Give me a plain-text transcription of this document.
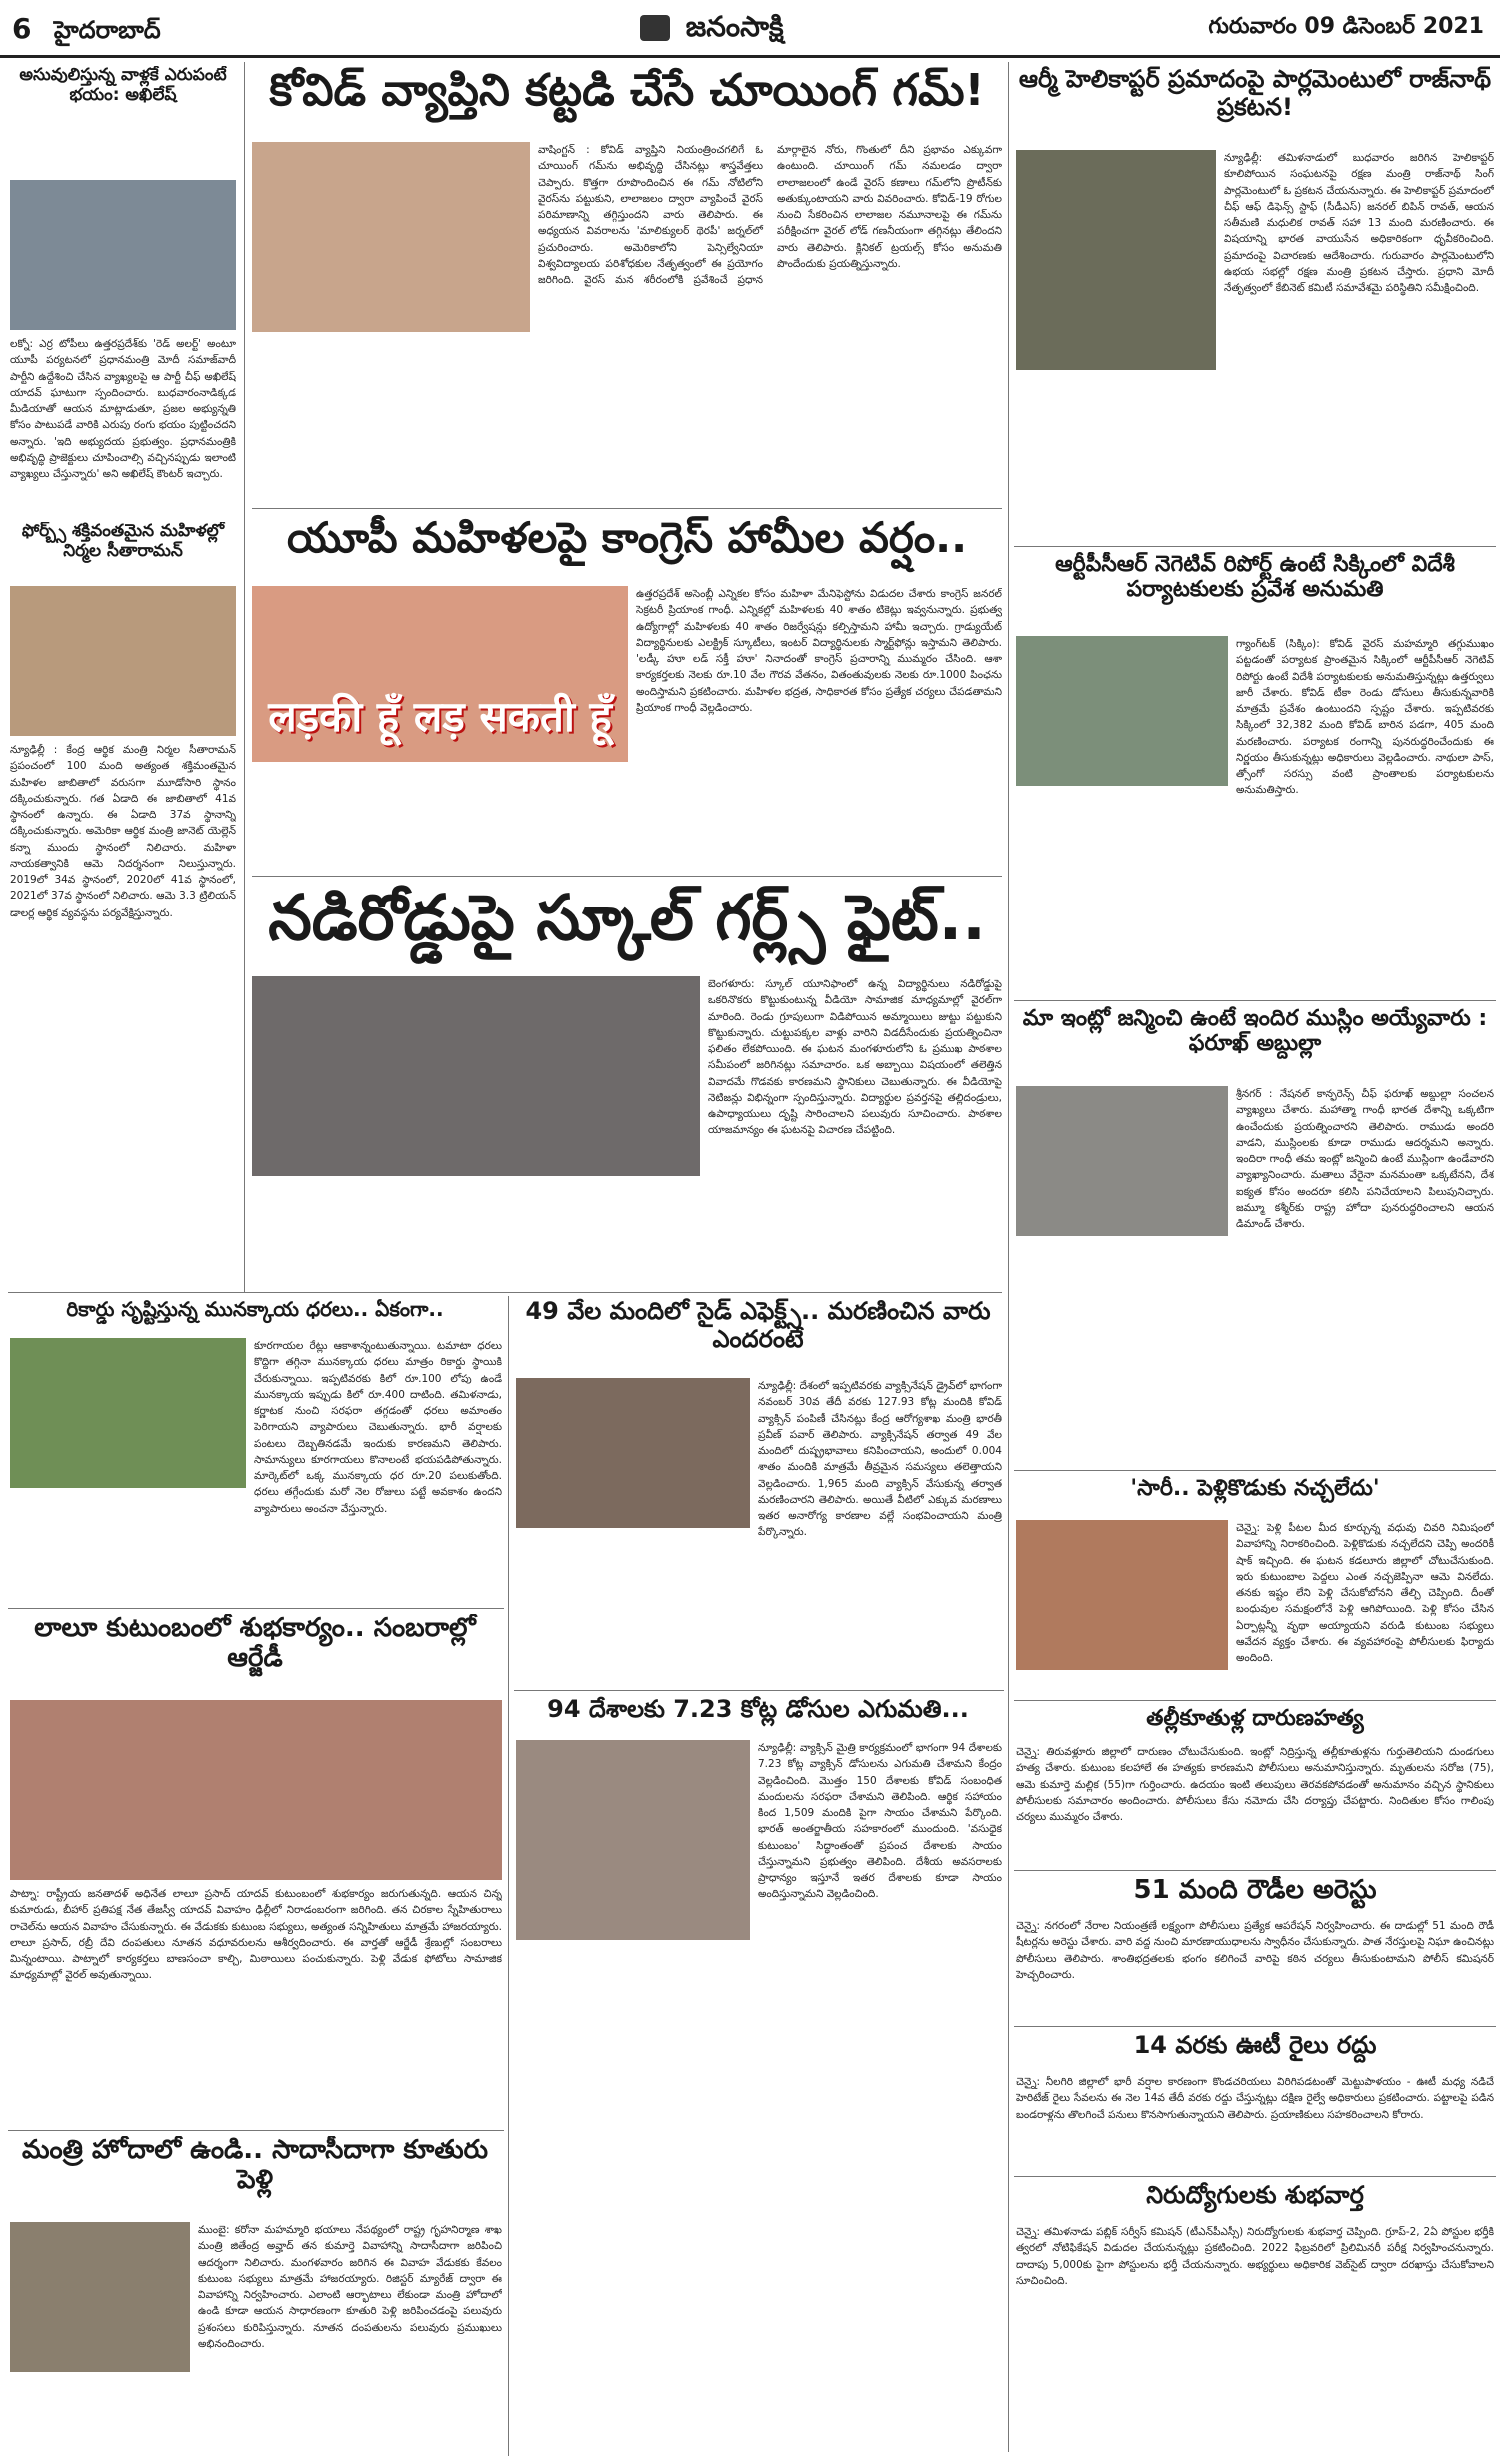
6 హైదరాబాద్	జనంసాక్షి	గురువారం 09 డిసెంబర్ 2021
అసువులిస్తున్న వాళ్లకే ఎరుపంటే భయం: అఖిలేష్
లక్నో: ఎర్ర టోపీలు ఉత్తరప్రదేశ్‌కు 'రెడ్ అలర్ట్' అంటూ యూపీ పర్యటనలో ప్రధానమంత్రి మోదీ సమాజ్‌వాదీ పార్టీని ఉద్దేశించి చేసిన వ్యాఖ్యలపై ఆ పార్టీ చీఫ్ అఖిలేష్ యాదవ్ ఘాటుగా స్పందించారు. బుధవారంనాడిక్కడ మీడియాతో ఆయన మాట్లాడుతూ, ప్రజల అభ్యున్నతి కోసం పాటుపడే వారికి ఎరుపు రంగు భయం పుట్టించదని అన్నారు. 'ఇది అభ్యుదయ ప్రభుత్వం. ప్రధానమంత్రికి అభివృద్ధి ప్రాజెక్టులు చూపించాల్సి వచ్చినప్పుడు ఇలాంటి వ్యాఖ్యలు చేస్తున్నారు' అని అఖిలేష్ కౌంటర్ ఇచ్చారు.
ఫోర్బ్స్ శక్తివంతమైన మహిళల్లో నిర్మల సీతారామన్
న్యూఢిల్లీ : కేంద్ర ఆర్థిక మంత్రి నిర్మల సీతారామన్ ప్రపంచంలో 100 మంది అత్యంత శక్తిమంతమైన మహిళల జాబితాలో వరుసగా మూడోసారి స్థానం దక్కించుకున్నారు. గత ఏడాది ఈ జాబితాలో 41వ స్థానంలో ఉన్నారు. ఈ ఏడాది 37వ స్థానాన్ని దక్కించుకున్నారు. అమెరికా ఆర్థిక మంత్రి జానెట్ యెల్లెన్ కన్నా ముందు స్థానంలో నిలిచారు. మహిళా నాయకత్వానికి ఆమె నిదర్శనంగా నిలుస్తున్నారు. 2019లో 34వ స్థానంలో, 2020లో 41వ స్థానంలో, 2021లో 37వ స్థానంలో నిలిచారు. ఆమె 3.3 ట్రిలియన్ డాలర్ల ఆర్థిక వ్యవస్థను పర్యవేక్షిస్తున్నారు.
కోవిడ్ వ్యాప్తిని కట్టడి చేసే చూయింగ్ గమ్!
వాషింగ్టన్ : కోవిడ్ వ్యాప్తిని నియంత్రించగలిగే ఓ చూయింగ్ గమ్‌ను అభివృద్ధి చేసినట్లు శాస్త్రవేత్తలు చెప్పారు. కొత్తగా రూపొందించిన ఈ గమ్ నోటిలోని వైరస్‌ను పట్టుకుని, లాలాజలం ద్వారా వ్యాపించే వైరస్ పరిమాణాన్ని తగ్గిస్తుందని వారు తెలిపారు. ఈ అధ్యయన వివరాలను 'మాలిక్యులర్ థెరపీ' జర్నల్‌లో ప్రచురించారు. అమెరికాలోని పెన్సిల్వేనియా విశ్వవిద్యాలయ పరిశోధకుల నేతృత్వంలో ఈ ప్రయోగం జరిగింది. వైరస్ మన శరీరంలోకి ప్రవేశించే ప్రధాన మార్గాలైన నోరు, గొంతులో దీని ప్రభావం ఎక్కువగా ఉంటుంది. చూయింగ్ గమ్ నమలడం ద్వారా లాలాజలంలో ఉండే వైరస్ కణాలు గమ్‌లోని ప్రొటీన్‌కు అతుక్కుంటాయని వారు వివరించారు. కోవిడ్-19 రోగుల నుంచి సేకరించిన లాలాజల నమూనాలపై ఈ గమ్‌ను పరీక్షించగా వైరల్ లోడ్ గణనీయంగా తగ్గినట్లు తేలిందని వారు తెలిపారు. క్లినికల్ ట్రయల్స్ కోసం అనుమతి పొందేందుకు ప్రయత్నిస్తున్నారు.
యూపీ మహిళలపై కాంగ్రెస్ హామీల వర్షం..
लड़की हूँ लड़ सकती हूँ
ఉత్తరప్రదేశ్ అసెంబ్లీ ఎన్నికల కోసం మహిళా మేనిఫెస్టోను విడుదల చేశారు కాంగ్రెస్ జనరల్ సెక్రటరీ ప్రియాంక గాంధీ. ఎన్నికల్లో మహిళలకు 40 శాతం టికెట్లు ఇవ్వనున్నారు. ప్రభుత్వ ఉద్యోగాల్లో మహిళలకు 40 శాతం రిజర్వేషన్లు కల్పిస్తామని హామీ ఇచ్చారు. గ్రాడ్యుయేట్ విద్యార్థినులకు ఎలక్ట్రిక్ స్కూటీలు, ఇంటర్ విద్యార్థినులకు స్మార్ట్‌ఫోన్లు ఇస్తామని తెలిపారు. 'లడ్కీ హూ లడ్ సక్తీ హూ' నినాదంతో కాంగ్రెస్ ప్రచారాన్ని ముమ్మరం చేసింది. ఆశా కార్యకర్తలకు నెలకు రూ.10 వేల గౌరవ వేతనం, వితంతువులకు నెలకు రూ.1000 పింఛను అందిస్తామని ప్రకటించారు. మహిళల భద్రత, సాధికారత కోసం ప్రత్యేక చర్యలు చేపడతామని ప్రియాంక గాంధీ వెల్లడించారు.
నడిరోడ్డుపై స్కూల్ గర్ల్స్ ఫైట్..
బెంగళూరు: స్కూల్ యూనిఫాంలో ఉన్న విద్యార్థినులు నడిరోడ్డుపై ఒకరినొకరు కొట్టుకుంటున్న వీడియో సామాజిక మాధ్యమాల్లో వైరల్‌గా మారింది. రెండు గ్రూపులుగా విడిపోయిన అమ్మాయిలు జుట్టు పట్టుకుని కొట్టుకున్నారు. చుట్టుపక్కల వాళ్లు వారిని విడదీసేందుకు ప్రయత్నించినా ఫలితం లేకపోయింది. ఈ ఘటన మంగళూరులోని ఓ ప్రముఖ పాఠశాల సమీపంలో జరిగినట్లు సమాచారం. ఒక అబ్బాయి విషయంలో తలెత్తిన వివాదమే గొడవకు కారణమని స్థానికులు చెబుతున్నారు. ఈ వీడియోపై నెటిజన్లు విభిన్నంగా స్పందిస్తున్నారు. విద్యార్థుల ప్రవర్తనపై తల్లిదండ్రులు, ఉపాధ్యాయులు దృష్టి సారించాలని పలువురు సూచించారు. పాఠశాల యాజమాన్యం ఈ ఘటనపై విచారణ చేపట్టింది.
రికార్డు సృష్టిస్తున్న మునక్కాయ ధరలు.. ఏకంగా..
కూరగాయల రేట్లు ఆకాశాన్నంటుతున్నాయి. టమాటా ధరలు కొద్దిగా తగ్గినా మునక్కాయ ధరలు మాత్రం రికార్డు స్థాయికి చేరుకున్నాయి. ఇప్పటివరకు కిలో రూ.100 లోపు ఉండే మునక్కాయ ఇప్పుడు కిలో రూ.400 దాటింది. తమిళనాడు, కర్ణాటక నుంచి సరఫరా తగ్గడంతో ధరలు అమాంతం పెరిగాయని వ్యాపారులు చెబుతున్నారు. భారీ వర్షాలకు పంటలు దెబ్బతినడమే ఇందుకు కారణమని తెలిపారు. సామాన్యులు కూరగాయలు కొనాలంటే భయపడిపోతున్నారు. మార్కెట్‌లో ఒక్క మునక్కాయ ధర రూ.20 పలుకుతోంది. ధరలు తగ్గేందుకు మరో నెల రోజులు పట్టే అవకాశం ఉందని వ్యాపారులు అంచనా వేస్తున్నారు.
లాలూ కుటుంబంలో శుభకార్యం.. సంబరాల్లో ఆర్జేడీ
పాట్నా: రాష్ట్రీయ జనతాదళ్ అధినేత లాలూ ప్రసాద్ యాదవ్ కుటుంబంలో శుభకార్యం జరుగుతున్నది. ఆయన చిన్న కుమారుడు, బీహార్ ప్రతిపక్ష నేత తేజస్వీ యాదవ్ వివాహం ఢిల్లీలో నిరాడంబరంగా జరిగింది. తన చిరకాల స్నేహితురాలు రాచెల్‌ను ఆయన వివాహం చేసుకున్నారు. ఈ వేడుకకు కుటుంబ సభ్యులు, అత్యంత సన్నిహితులు మాత్రమే హాజరయ్యారు. లాలూ ప్రసాద్, రబ్రీ దేవి దంపతులు నూతన వధూవరులను ఆశీర్వదించారు. ఈ వార్తతో ఆర్జేడీ శ్రేణుల్లో సంబరాలు మిన్నంటాయి. పాట్నాలో కార్యకర్తలు బాణసంచా కాల్చి, మిఠాయిలు పంచుకున్నారు. పెళ్లి వేడుక ఫోటోలు సామాజిక మాధ్యమాల్లో వైరల్ అవుతున్నాయి.
మంత్రి హోదాలో ఉండి.. సాదాసీదాగా కూతురు పెళ్లి
ముంబై: కరోనా మహమ్మారి భయాలు నేపథ్యంలో రాష్ట్ర గృహనిర్మాణ శాఖ మంత్రి జితేంద్ర అవ్హాద్ తన కుమార్తె వివాహాన్ని సాదాసీదాగా జరిపించి ఆదర్శంగా నిలిచారు. మంగళవారం జరిగిన ఈ వివాహ వేడుకకు కేవలం కుటుంబ సభ్యులు మాత్రమే హాజరయ్యారు. రిజిస్టర్ మ్యారేజ్ ద్వారా ఈ వివాహాన్ని నిర్వహించారు. ఎలాంటి ఆర్భాటాలు లేకుండా మంత్రి హోదాలో ఉండి కూడా ఆయన సాధారణంగా కూతురి పెళ్లి జరిపించడంపై పలువురు ప్రశంసలు కురిపిస్తున్నారు. నూతన దంపతులను పలువురు ప్రముఖులు అభినందించారు.
49 వేల మందిలో సైడ్ ఎఫెక్ట్స్.. మరణించిన వారు ఎందరంటే
న్యూఢిల్లీ: దేశంలో ఇప్పటివరకు వ్యాక్సినేషన్ డ్రైవ్‌లో భాగంగా నవంబర్ 30వ తేదీ వరకు 127.93 కోట్ల మందికి కోవిడ్ వ్యాక్సిన్ పంపిణీ చేసినట్లు కేంద్ర ఆరోగ్యశాఖ మంత్రి భారతీ ప్రవీణ్ పవార్ తెలిపారు. వ్యాక్సినేషన్ తర్వాత 49 వేల మందిలో దుష్ప్రభావాలు కనిపించాయని, అందులో 0.004 శాతం మందికి మాత్రమే తీవ్రమైన సమస్యలు తలెత్తాయని వెల్లడించారు. 1,965 మంది వ్యాక్సిన్ వేసుకున్న తర్వాత మరణించారని తెలిపారు. అయితే వీటిలో ఎక్కువ మరణాలు ఇతర అనారోగ్య కారణాల వల్లే సంభవించాయని మంత్రి పేర్కొన్నారు.
94 దేశాలకు 7.23 కోట్ల డోసుల ఎగుమతి...
న్యూఢిల్లీ: వ్యాక్సిన్ మైత్రి కార్యక్రమంలో భాగంగా 94 దేశాలకు 7.23 కోట్ల వ్యాక్సిన్ డోసులను ఎగుమతి చేశామని కేంద్రం వెల్లడించింది. మొత్తం 150 దేశాలకు కోవిడ్ సంబంధిత మందులను సరఫరా చేశామని తెలిపింది. ఆర్థిక సహాయం కింద 1,509 మందికి పైగా సాయం చేశామని పేర్కొంది. భారత్ అంతర్జాతీయ సహకారంలో ముందుంది. 'వసుధైక కుటుంబం' సిద్ధాంతంతో ప్రపంచ దేశాలకు సాయం చేస్తున్నామని ప్రభుత్వం తెలిపింది. దేశీయ అవసరాలకు ప్రాధాన్యం ఇస్తూనే ఇతర దేశాలకు కూడా సాయం అందిస్తున్నామని వెల్లడించింది.
ఆర్మీ హెలికాప్టర్ ప్రమాదంపై పార్లమెంటులో రాజ్‌నాథ్ ప్రకటన!
న్యూఢిల్లీ: తమిళనాడులో బుధవారం జరిగిన హెలికాప్టర్ కూలిపోయిన సంఘటనపై రక్షణ మంత్రి రాజ్‌నాథ్ సింగ్ పార్లమెంటులో ఓ ప్రకటన చేయనున్నారు. ఈ హెలికాప్టర్ ప్రమాదంలో చీఫ్ ఆఫ్ డిఫెన్స్ స్టాఫ్ (సీడీఎస్) జనరల్ బిపిన్ రావత్, ఆయన సతీమణి మధులిక రావత్ సహా 13 మంది మరణించారు. ఈ విషయాన్ని భారత వాయుసేన అధికారికంగా ధృవీకరించింది. ప్రమాదంపై విచారణకు ఆదేశించారు. గురువారం పార్లమెంటులోని ఉభయ సభల్లో రక్షణ మంత్రి ప్రకటన చేస్తారు. ప్రధాని మోదీ నేతృత్వంలో కేబినెట్ కమిటీ సమావేశమై పరిస్థితిని సమీక్షించింది.
ఆర్టీపీసీఆర్ నెగెటివ్ రిపోర్ట్ ఉంటే సిక్కింలో విదేశీ పర్యాటకులకు ప్రవేశ అనుమతి
గ్యాంగ్‌టక్ (సిక్కిం): కోవిడ్ వైరస్ మహమ్మారి తగ్గుముఖం పట్టడంతో పర్యాటక ప్రాంతమైన సిక్కింలో ఆర్టీపీసీఆర్ నెగెటివ్ రిపోర్టు ఉంటే విదేశీ పర్యాటకులకు అనుమతిస్తున్నట్లు ఉత్తర్వులు జారీ చేశారు. కోవిడ్ టీకా రెండు డోసులు తీసుకున్నవారికి మాత్రమే ప్రవేశం ఉంటుందని స్పష్టం చేశారు. ఇప్పటివరకు సిక్కింలో 32,382 మంది కోవిడ్ బారిన పడగా, 405 మంది మరణించారు. పర్యాటక రంగాన్ని పునరుద్ధరించేందుకు ఈ నిర్ణయం తీసుకున్నట్లు అధికారులు వెల్లడించారు. నాథులా పాస్, త్సోంగో సరస్సు వంటి ప్రాంతాలకు పర్యాటకులను అనుమతిస్తారు.
మా ఇంట్లో జన్మించి ఉంటే ఇందిర ముస్లిం అయ్యేవారు : ఫరూఖ్ అబ్దుల్లా
శ్రీనగర్ : నేషనల్ కాన్ఫరెన్స్ చీఫ్ ఫరూఖ్ అబ్దుల్లా సంచలన వ్యాఖ్యలు చేశారు. మహాత్మా గాంధీ భారత దేశాన్ని ఒక్కటిగా ఉంచేందుకు ప్రయత్నించారని తెలిపారు. రాముడు అందరి వాడని, ముస్లింలకు కూడా రాముడు ఆదర్శమని అన్నారు. ఇందిరా గాంధీ తమ ఇంట్లో జన్మించి ఉంటే ముస్లింగా ఉండేవారని వ్యాఖ్యానించారు. మతాలు వేరైనా మనమంతా ఒక్కటేనని, దేశ ఐక్యత కోసం అందరూ కలిసి పనిచేయాలని పిలుపునిచ్చారు. జమ్మూ కశ్మీర్‌కు రాష్ట్ర హోదా పునరుద్ధరించాలని ఆయన డిమాండ్ చేశారు.
'సారీ.. పెళ్లికొడుకు నచ్చలేదు'
చెన్నై: పెళ్లి పీటల మీద కూర్చున్న వధువు చివరి నిమిషంలో వివాహాన్ని నిరాకరించింది. పెళ్లికొడుకు నచ్చలేదని చెప్పి అందరికీ షాక్ ఇచ్చింది. ఈ ఘటన కడలూరు జిల్లాలో చోటుచేసుకుంది. ఇరు కుటుంబాల పెద్దలు ఎంత నచ్చజెప్పినా ఆమె వినలేదు. తనకు ఇష్టం లేని పెళ్లి చేసుకోబోనని తేల్చి చెప్పింది. దీంతో బంధువుల సమక్షంలోనే పెళ్లి ఆగిపోయింది. పెళ్లి కోసం చేసిన ఏర్పాట్లన్నీ వృథా అయ్యాయని వరుడి కుటుంబ సభ్యులు ఆవేదన వ్యక్తం చేశారు. ఈ వ్యవహారంపై పోలీసులకు ఫిర్యాదు అందింది.
తల్లీకూతుళ్ల దారుణహత్య
చెన్నై: తిరువళ్లూరు జిల్లాలో దారుణం చోటుచేసుకుంది. ఇంట్లో నిద్రిస్తున్న తల్లీకూతుళ్లను గుర్తుతెలియని దుండగులు హత్య చేశారు. కుటుంబ కలహాలే ఈ హత్యకు కారణమని పోలీసులు అనుమానిస్తున్నారు. మృతులను సరోజ (75), ఆమె కుమార్తె మల్లిక (55)గా గుర్తించారు. ఉదయం ఇంటి తలుపులు తెరవకపోవడంతో అనుమానం వచ్చిన స్థానికులు పోలీసులకు సమాచారం అందించారు. పోలీసులు కేసు నమోదు చేసి దర్యాప్తు చేపట్టారు. నిందితుల కోసం గాలింపు చర్యలు ముమ్మరం చేశారు.
51 మంది రౌడీల అరెస్టు
చెన్నై: నగరంలో నేరాల నియంత్రణే లక్ష్యంగా పోలీసులు ప్రత్యేక ఆపరేషన్ నిర్వహించారు. ఈ దాడుల్లో 51 మంది రౌడీ షీటర్లను అరెస్టు చేశారు. వారి వద్ద నుంచి మారణాయుధాలను స్వాధీనం చేసుకున్నారు. పాత నేరస్తులపై నిఘా ఉంచినట్లు పోలీసులు తెలిపారు. శాంతిభద్రతలకు భంగం కలిగించే వారిపై కఠిన చర్యలు తీసుకుంటామని పోలీస్ కమిషనర్ హెచ్చరించారు.
14 వరకు ఊటీ రైలు రద్దు
చెన్నై: నీలగిరి జిల్లాలో భారీ వర్షాల కారణంగా కొండచరియలు విరిగిపడటంతో మెట్టుపాళయం - ఊటీ మధ్య నడిచే హెరిటేజ్ రైలు సేవలను ఈ నెల 14వ తేదీ వరకు రద్దు చేస్తున్నట్లు దక్షిణ రైల్వే అధికారులు ప్రకటించారు. పట్టాలపై పడిన బండరాళ్లను తొలగించే పనులు కొనసాగుతున్నాయని తెలిపారు. ప్రయాణికులు సహకరించాలని కోరారు.
నిరుద్యోగులకు శుభవార్త
చెన్నై: తమిళనాడు పబ్లిక్ సర్వీస్ కమిషన్ (టీఎన్‌పీఎస్సీ) నిరుద్యోగులకు శుభవార్త చెప్పింది. గ్రూప్-2, 2ఏ పోస్టుల భర్తీకి త్వరలో నోటిఫికేషన్ విడుదల చేయనున్నట్లు ప్రకటించింది. 2022 ఫిబ్రవరిలో ప్రిలిమినరీ పరీక్ష నిర్వహించనున్నారు. దాదాపు 5,000కు పైగా పోస్టులను భర్తీ చేయనున్నారు. అభ్యర్థులు అధికారిక వెబ్‌సైట్ ద్వారా దరఖాస్తు చేసుకోవాలని సూచించింది.
